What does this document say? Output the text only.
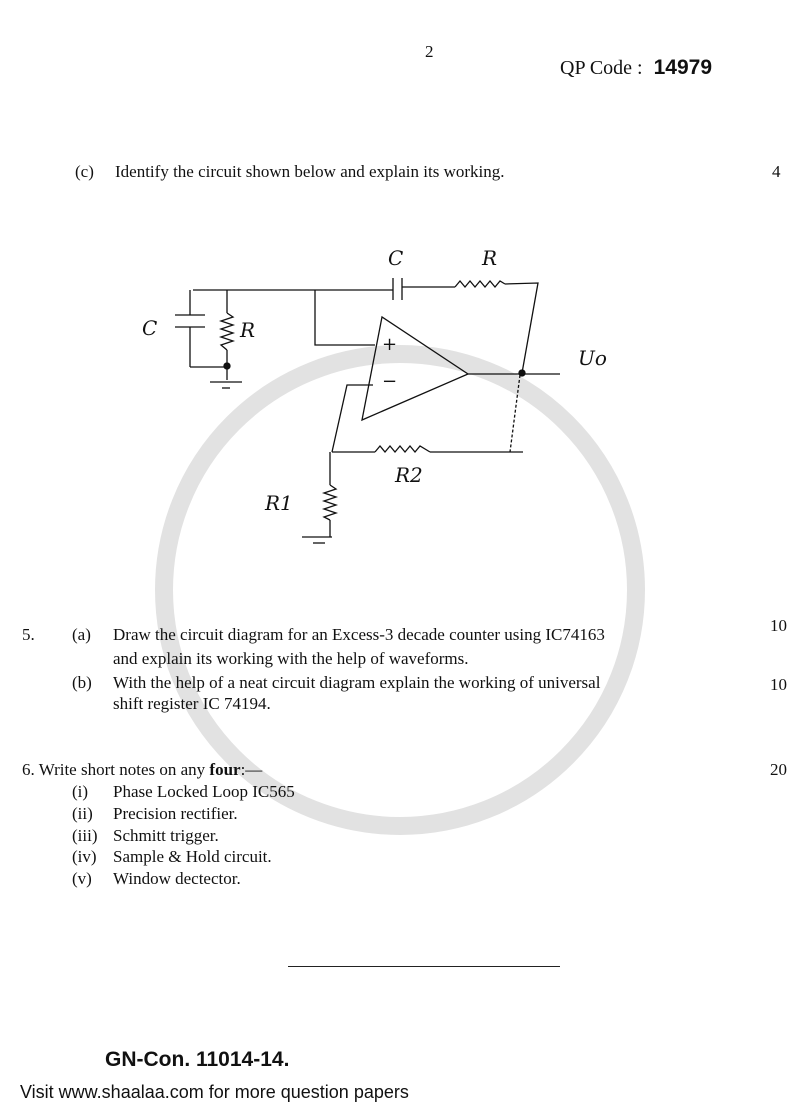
2
QP Code : 14979
(c) Identify the circuit shown below and explain its working.	4
C	R
C	R
Uo
R2
R1
+
−
5. (a) Draw the circuit diagram for an Excess-3 decade counter using IC74163
and explain its working with the help of waveforms.
10
(b) With the help of a neat circuit diagram explain the working of universal
shift register IC 74194.
10
6. Write short notes on any four:—	20
(i) Phase Locked Loop IC565
(ii) Precision rectifier.
(iii) Schmitt trigger.
(iv) Sample & Hold circuit.
(v) Window dectector.
GN-Con. 11014-14.
Visit www.shaalaa.com for more question papers
